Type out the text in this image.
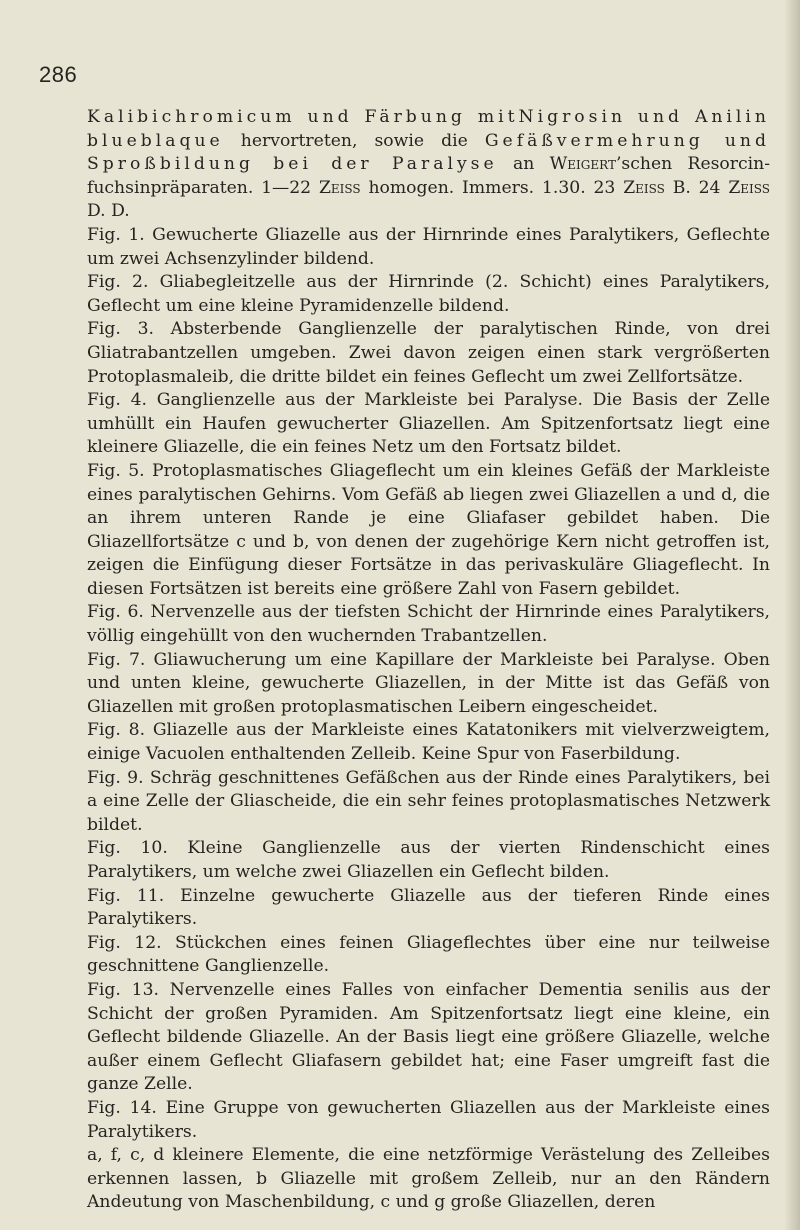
286

Kalibichromicum und Färbung mitNigrosin und Anilin blueblaque hervortreten, sowie die Gefäßvermehrung und Sproßbildung bei der Paralyse an Weigert’schen Resorcin-fuchsinpräparaten. 1—22 Zeiss homogen. Immers. 1.30. 23 Zeiss B. 24 Zeiss D. D.

Fig. 1. Gewucherte Gliazelle aus der Hirnrinde eines Paralytikers, Geflechte um zwei Achsenzylinder bildend.

Fig. 2. Gliabegleitzelle aus der Hirnrinde (2. Schicht) eines Paralytikers, Geflecht um eine kleine Pyramidenzelle bildend.

Fig. 3. Absterbende Ganglienzelle der paralytischen Rinde, von drei Gliatrabantzellen umgeben. Zwei davon zeigen einen stark vergrößerten Protoplasmaleib, die dritte bildet ein feines Geflecht um zwei Zellfortsätze.

Fig. 4. Ganglienzelle aus der Markleiste bei Paralyse. Die Basis der Zelle umhüllt ein Haufen gewucherter Gliazellen. Am Spitzenfortsatz liegt eine kleinere Gliazelle, die ein feines Netz um den Fortsatz bildet.

Fig. 5. Protoplasmatisches Gliageflecht um ein kleines Gefäß der Markleiste eines paralytischen Gehirns. Vom Gefäß ab liegen zwei Gliazellen a und d, die an ihrem unteren Rande je eine Gliafaser gebildet haben. Die Gliazellfortsätze c und b, von denen der zugehörige Kern nicht getroffen ist, zeigen die Einfügung dieser Fortsätze in das perivaskuläre Gliageflecht. In diesen Fortsätzen ist bereits eine größere Zahl von Fasern gebildet.

Fig. 6. Nervenzelle aus der tiefsten Schicht der Hirnrinde eines Paralytikers, völlig eingehüllt von den wuchernden Trabantzellen.

Fig. 7. Gliawucherung um eine Kapillare der Markleiste bei Paralyse. Oben und unten kleine, gewucherte Gliazellen, in der Mitte ist das Gefäß von Gliazellen mit großen protoplasmatischen Leibern eingescheidet.

Fig. 8. Gliazelle aus der Markleiste eines Katatonikers mit vielverzweigtem, einige Vacuolen enthaltenden Zelleib. Keine Spur von Faserbildung.

Fig. 9. Schräg geschnittenes Gefäßchen aus der Rinde eines Paralytikers, bei a eine Zelle der Gliascheide, die ein sehr feines protoplasmatisches Netzwerk bildet.

Fig. 10. Kleine Ganglienzelle aus der vierten Rindenschicht eines Paralytikers, um welche zwei Gliazellen ein Geflecht bilden.

Fig. 11. Einzelne gewucherte Gliazelle aus der tieferen Rinde eines Paralytikers.

Fig. 12. Stückchen eines feinen Gliageflechtes über eine nur teilweise geschnittene Ganglienzelle.

Fig. 13. Nervenzelle eines Falles von einfacher Dementia senilis aus der Schicht der großen Pyramiden. Am Spitzenfortsatz liegt eine kleine, ein Geflecht bildende Gliazelle. An der Basis liegt eine größere Gliazelle, welche außer einem Geflecht Gliafasern gebildet hat; eine Faser umgreift fast die ganze Zelle.

Fig. 14. Eine Gruppe von gewucherten Gliazellen aus der Markleiste eines Paralytikers.

a, f, c, d kleinere Elemente, die eine netzförmige Verästelung des Zelleibes erkennen lassen, b Gliazelle mit großem Zelleib, nur an den Rändern Andeutung von Maschenbildung, c und g große Gliazellen, deren
